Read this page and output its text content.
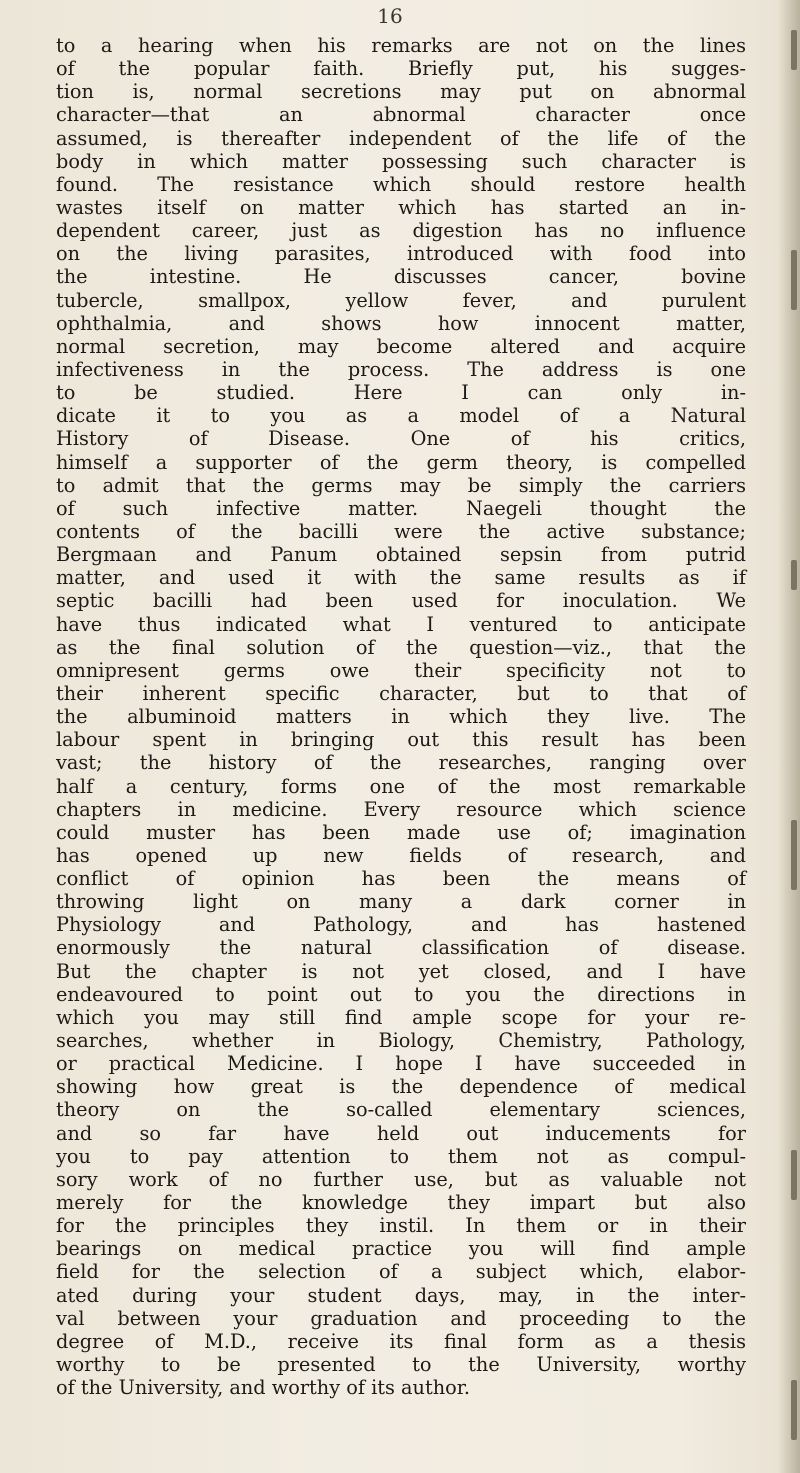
16

to a hearing when his remarks are not on the lines
of the popular faith. Briefly put, his sugges-
tion is, normal secretions may put on abnormal
character—that an abnormal character once
assumed, is thereafter independent of the life of the
body in which matter possessing such character is
found. The resistance which should restore health
wastes itself on matter which has started an in-
dependent career, just as digestion has no influence
on the living parasites, introduced with food into
the intestine. He discusses cancer, bovine
tubercle, smallpox, yellow fever, and purulent
ophthalmia, and shows how innocent matter,
normal secretion, may become altered and acquire
infectiveness in the process. The address is one
to be studied. Here I can only in-
dicate it to you as a model of a Natural
History of Disease. One of his critics,
himself a supporter of the germ theory, is compelled
to admit that the germs may be simply the carriers
of such infective matter. Naegeli thought the
contents of the bacilli were the active substance;
Bergmaan and Panum obtained sepsin from putrid
matter, and used it with the same results as if
septic bacilli had been used for inoculation. We
have thus indicated what I ventured to anticipate
as the final solution of the question—viz., that the
omnipresent germs owe their specificity not to
their inherent specific character, but to that of
the albuminoid matters in which they live. The
labour spent in bringing out this result has been
vast; the history of the researches, ranging over
half a century, forms one of the most remarkable
chapters in medicine. Every resource which science
could muster has been made use of; imagination
has opened up new fields of research, and
conflict of opinion has been the means of
throwing light on many a dark corner in
Physiology and Pathology, and has hastened
enormously the natural classification of disease.
But the chapter is not yet closed, and I have
endeavoured to point out to you the directions in
which you may still find ample scope for your re-
searches, whether in Biology, Chemistry, Pathology,
or practical Medicine. I hope I have succeeded in
showing how great is the dependence of medical
theory on the so-called elementary sciences,
and so far have held out inducements for
you to pay attention to them not as compul-
sory work of no further use, but as valuable not
merely for the knowledge they impart but also
for the principles they instil. In them or in their
bearings on medical practice you will find ample
field for the selection of a subject which, elabor-
ated during your student days, may, in the inter-
val between your graduation and proceeding to the
degree of M.D., receive its final form as a thesis
worthy to be presented to the University, worthy
of the University, and worthy of its author.
